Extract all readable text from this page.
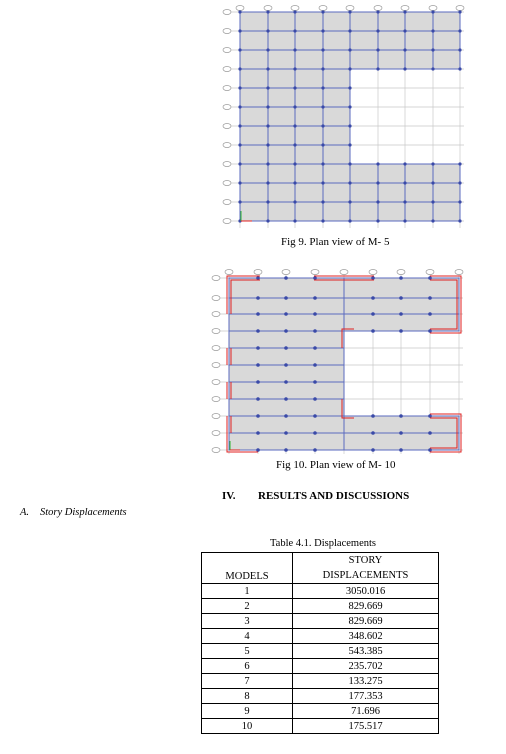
Fig 9. Plan view of M- 5
Fig 10. Plan view of M- 10
IV. RESULTS AND DISCUSSIONS
A. Story Displacements
Table 4.1. Displacements
MODELS	STORY
DISPLACEMENTS
1	3050.016
2	829.669
3	829.669
4	348.602
5	543.385
6	235.702
7	133.275
8	177.353
9	71.696
10	175.517
